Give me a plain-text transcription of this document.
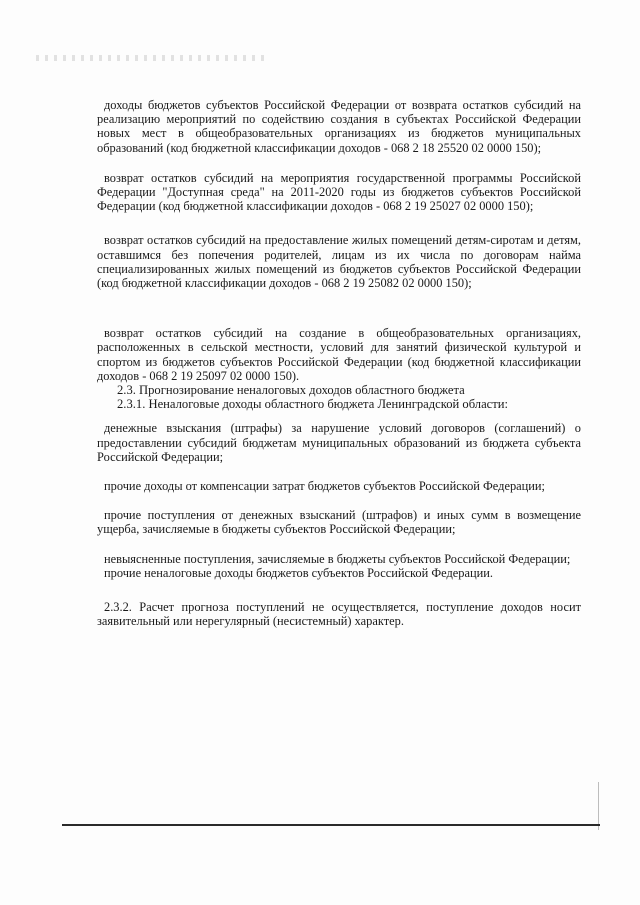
доходы бюджетов субъектов Российской Федерации от возврата остатков субсидий на реализацию мероприятий по содействию создания в субъектах Российской Федерации новых мест в общеобразовательных организациях из бюджетов муниципальных образований (код бюджетной классификации доходов - 068 2 18 25520 02 0000 150);

возврат остатков субсидий на мероприятия государственной программы Российской Федерации "Доступная среда" на 2011-2020 годы из бюджетов субъектов Российской Федерации (код бюджетной классификации доходов - 068 2 19 25027 02 0000 150);

возврат остатков субсидий на предоставление жилых помещений детям-сиротам и детям, оставшимся без попечения родителей, лицам из их числа по договорам найма специализированных жилых помещений из бюджетов субъектов Российской Федерации (код бюджетной классификации доходов - 068 2 19 25082 02 0000 150);

возврат остатков субсидий на создание в общеобразовательных организациях, расположенных в сельской местности, условий для занятий физической культурой и спортом из бюджетов субъектов Российской Федерации (код бюджетной классификации доходов - 068 2 19 25097 02 0000 150).

2.3. Прогнозирование неналоговых доходов областного бюджета

2.3.1. Неналоговые доходы областного бюджета Ленинградской области:

денежные взыскания (штрафы) за нарушение условий договоров (соглашений) о предоставлении субсидий бюджетам муниципальных образований из бюджета субъекта Российской Федерации;

прочие доходы от компенсации затрат бюджетов субъектов Российской Федерации;

прочие поступления от денежных взысканий (штрафов) и иных сумм в возмещение ущерба, зачисляемые в бюджеты субъектов Российской Федерации;

невыясненные поступления, зачисляемые в бюджеты субъектов Российской Федерации;

прочие неналоговые доходы бюджетов субъектов Российской Федерации.

2.3.2. Расчет прогноза поступлений не осуществляется, поступление доходов носит заявительный или нерегулярный (несистемный) характер.
